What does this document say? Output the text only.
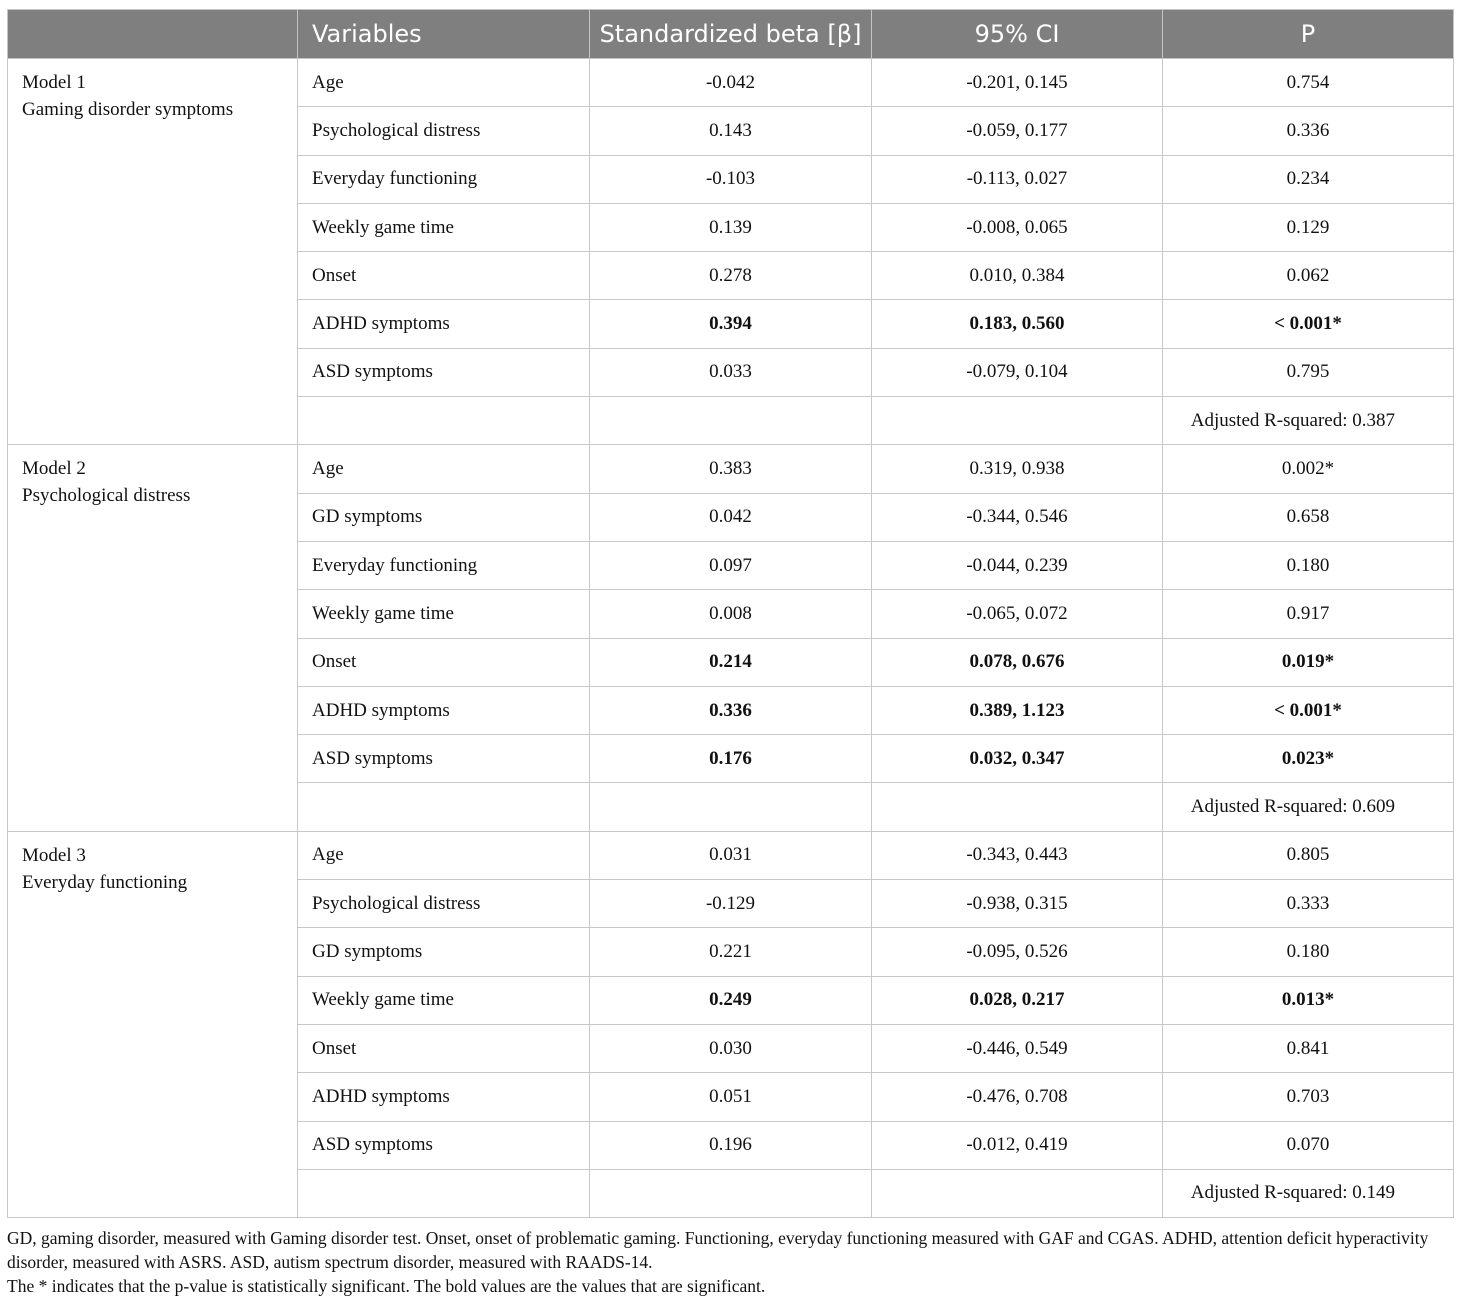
	Variables	Standardized beta [β]	95% CI	P

Model 1
Gaming disorder symptoms	Age	-0.042	-0.201, 0.145	0.754
	Psychological distress	0.143	-0.059, 0.177	0.336
	Everyday functioning	-0.103	-0.113, 0.027	0.234
	Weekly game time	0.139	-0.008, 0.065	0.129
	Onset	0.278	0.010, 0.384	0.062
	ADHD symptoms	0.394	0.183, 0.560	< 0.001*
	ASD symptoms	0.033	-0.079, 0.104	0.795
				Adjusted R-squared: 0.387

Model 2
Psychological distress	Age	0.383	0.319, 0.938	0.002*
	GD symptoms	0.042	-0.344, 0.546	0.658
	Everyday functioning	0.097	-0.044, 0.239	0.180
	Weekly game time	0.008	-0.065, 0.072	0.917
	Onset	0.214	0.078, 0.676	0.019*
	ADHD symptoms	0.336	0.389, 1.123	< 0.001*
	ASD symptoms	0.176	0.032, 0.347	0.023*
				Adjusted R-squared: 0.609

Model 3
Everyday functioning	Age	0.031	-0.343, 0.443	0.805
	Psychological distress	-0.129	-0.938, 0.315	0.333
	GD symptoms	0.221	-0.095, 0.526	0.180
	Weekly game time	0.249	0.028, 0.217	0.013*
	Onset	0.030	-0.446, 0.549	0.841
	ADHD symptoms	0.051	-0.476, 0.708	0.703
	ASD symptoms	0.196	-0.012, 0.419	0.070
				Adjusted R-squared: 0.149

GD, gaming disorder, measured with Gaming disorder test. Onset, onset of problematic gaming. Functioning, everyday functioning measured with GAF and CGAS. ADHD, attention deficit hyperactivity disorder, measured with ASRS. ASD, autism spectrum disorder, measured with RAADS-14.

The * indicates that the p-value is statistically significant. The bold values are the values that are significant.
